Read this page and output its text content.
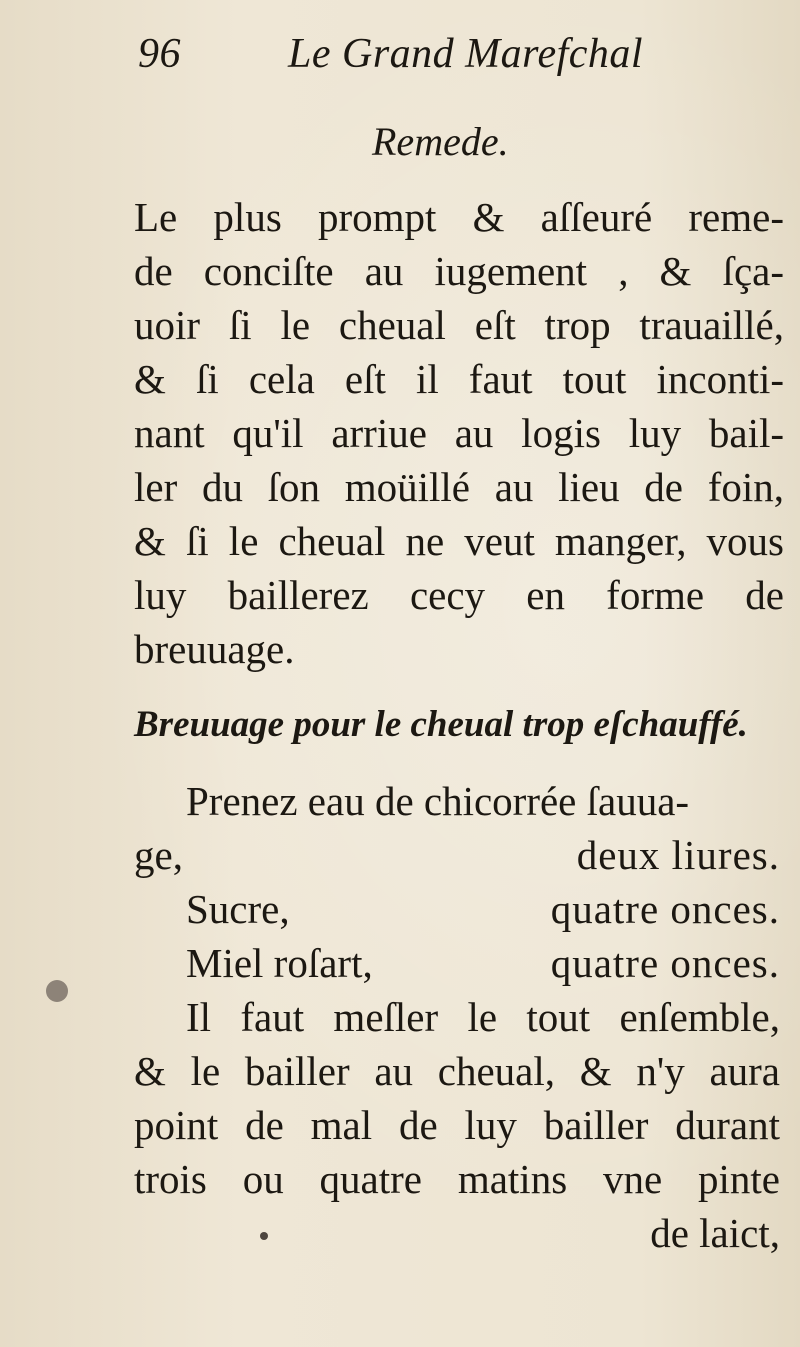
96	Le Grand Marefchal
Remede.
Le plus prompt & aſſeuré reme-
de conciſte au iugement , & ſça-
uoir ſi le cheual eſt trop trauaillé,
& ſi cela eſt il faut tout inconti-
nant qu'il arriue au logis luy bail-
ler du ſon moüillé au lieu de foin,
& ſi le cheual ne veut manger, vous
luy baillerez cecy en forme de
breuuage.
Breuuage pour le cheual trop eſchauffé.
Prenez eau de chicorrée ſauua-
ge,	deux liures.
Sucre,	quatre onces.
Miel roſart,	quatre onces.
Il faut meſler le tout enſemble,
& le bailler au cheual, & n'y aura
point de mal de luy bailler durant
trois ou quatre matins vne pinte
de laict,
